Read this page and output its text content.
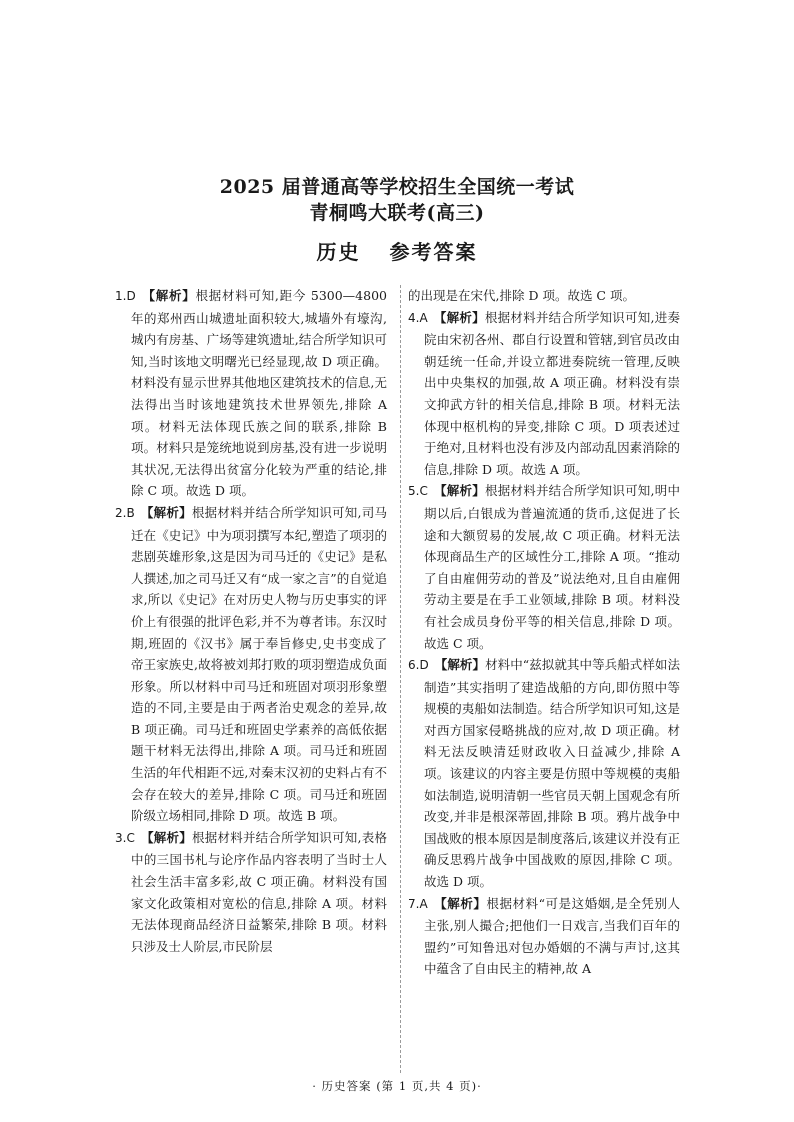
2025 届普通高等学校招生全国统一考试
青桐鸣大联考(高三)
历史 参考答案

1.D 【解析】根据材料可知,距今 5300—4800 年的郑州西山城遗址面积较大,城墙外有壕沟,城内有房基、广场等建筑遗址,结合所学知识可知,当时该地文明曙光已经显现,故 D 项正确。材料没有显示世界其他地区建筑技术的信息,无法得出当时该地建筑技术世界领先,排除 A 项。材料无法体现氏族之间的联系,排除 B 项。材料只是笼统地说到房基,没有进一步说明其状况,无法得出贫富分化较为严重的结论,排除 C 项。故选 D 项。

2.B 【解析】根据材料并结合所学知识可知,司马迁在《史记》中为项羽撰写本纪,塑造了项羽的悲剧英雄形象,这是因为司马迁的《史记》是私人撰述,加之司马迁又有“成一家之言”的自觉追求,所以《史记》在对历史人物与历史事实的评价上有很强的批评色彩,并不为尊者讳。东汉时期,班固的《汉书》属于奉旨修史,史书变成了帝王家族史,故将被刘邦打败的项羽塑造成负面形象。所以材料中司马迁和班固对项羽形象塑造的不同,主要是由于两者治史观念的差异,故 B 项正确。司马迁和班固史学素养的高低依据题干材料无法得出,排除 A 项。司马迁和班固生活的年代相距不远,对秦末汉初的史料占有不会存在较大的差异,排除 C 项。司马迁和班固阶级立场相同,排除 D 项。故选 B 项。

3.C 【解析】根据材料并结合所学知识可知,表格中的三国书札与论序作品内容表明了当时士人社会生活丰富多彩,故 C 项正确。材料没有国家文化政策相对宽松的信息,排除 A 项。材料无法体现商品经济日益繁荣,排除 B 项。材料只涉及士人阶层,市民阶层

的出现是在宋代,排除 D 项。故选 C 项。

4.A 【解析】根据材料并结合所学知识可知,进奏院由宋初各州、郡自行设置和管辖,到官员改由朝廷统一任命,并设立都进奏院统一管理,反映出中央集权的加强,故 A 项正确。材料没有崇文抑武方针的相关信息,排除 B 项。材料无法体现中枢机构的异变,排除 C 项。D 项表述过于绝对,且材料也没有涉及内部动乱因素消除的信息,排除 D 项。故选 A 项。

5.C 【解析】根据材料并结合所学知识可知,明中期以后,白银成为普遍流通的货币,这促进了长途和大额贸易的发展,故 C 项正确。材料无法体现商品生产的区域性分工,排除 A 项。“推动了自由雇佣劳动的普及”说法绝对,且自由雇佣劳动主要是在手工业领域,排除 B 项。材料没有社会成员身份平等的相关信息,排除 D 项。故选 C 项。

6.D 【解析】材料中“兹拟就其中等兵船式样如法制造”其实指明了建造战船的方向,即仿照中等规模的夷船如法制造。结合所学知识可知,这是对西方国家侵略挑战的应对,故 D 项正确。材料无法反映清廷财政收入日益减少,排除 A 项。该建议的内容主要是仿照中等规模的夷船如法制造,说明清朝一些官员天朝上国观念有所改变,并非是根深蒂固,排除 B 项。鸦片战争中国战败的根本原因是制度落后,该建议并没有正确反思鸦片战争中国战败的原因,排除 C 项。故选 D 项。

7.A 【解析】根据材料“可是这婚姻,是全凭别人主张,别人撮合;把他们一日戏言,当我们百年的盟约”可知鲁迅对包办婚姻的不满与声讨,这其中蕴含了自由民主的精神,故 A

· 历史答案 (第 1 页,共 4 页)·
